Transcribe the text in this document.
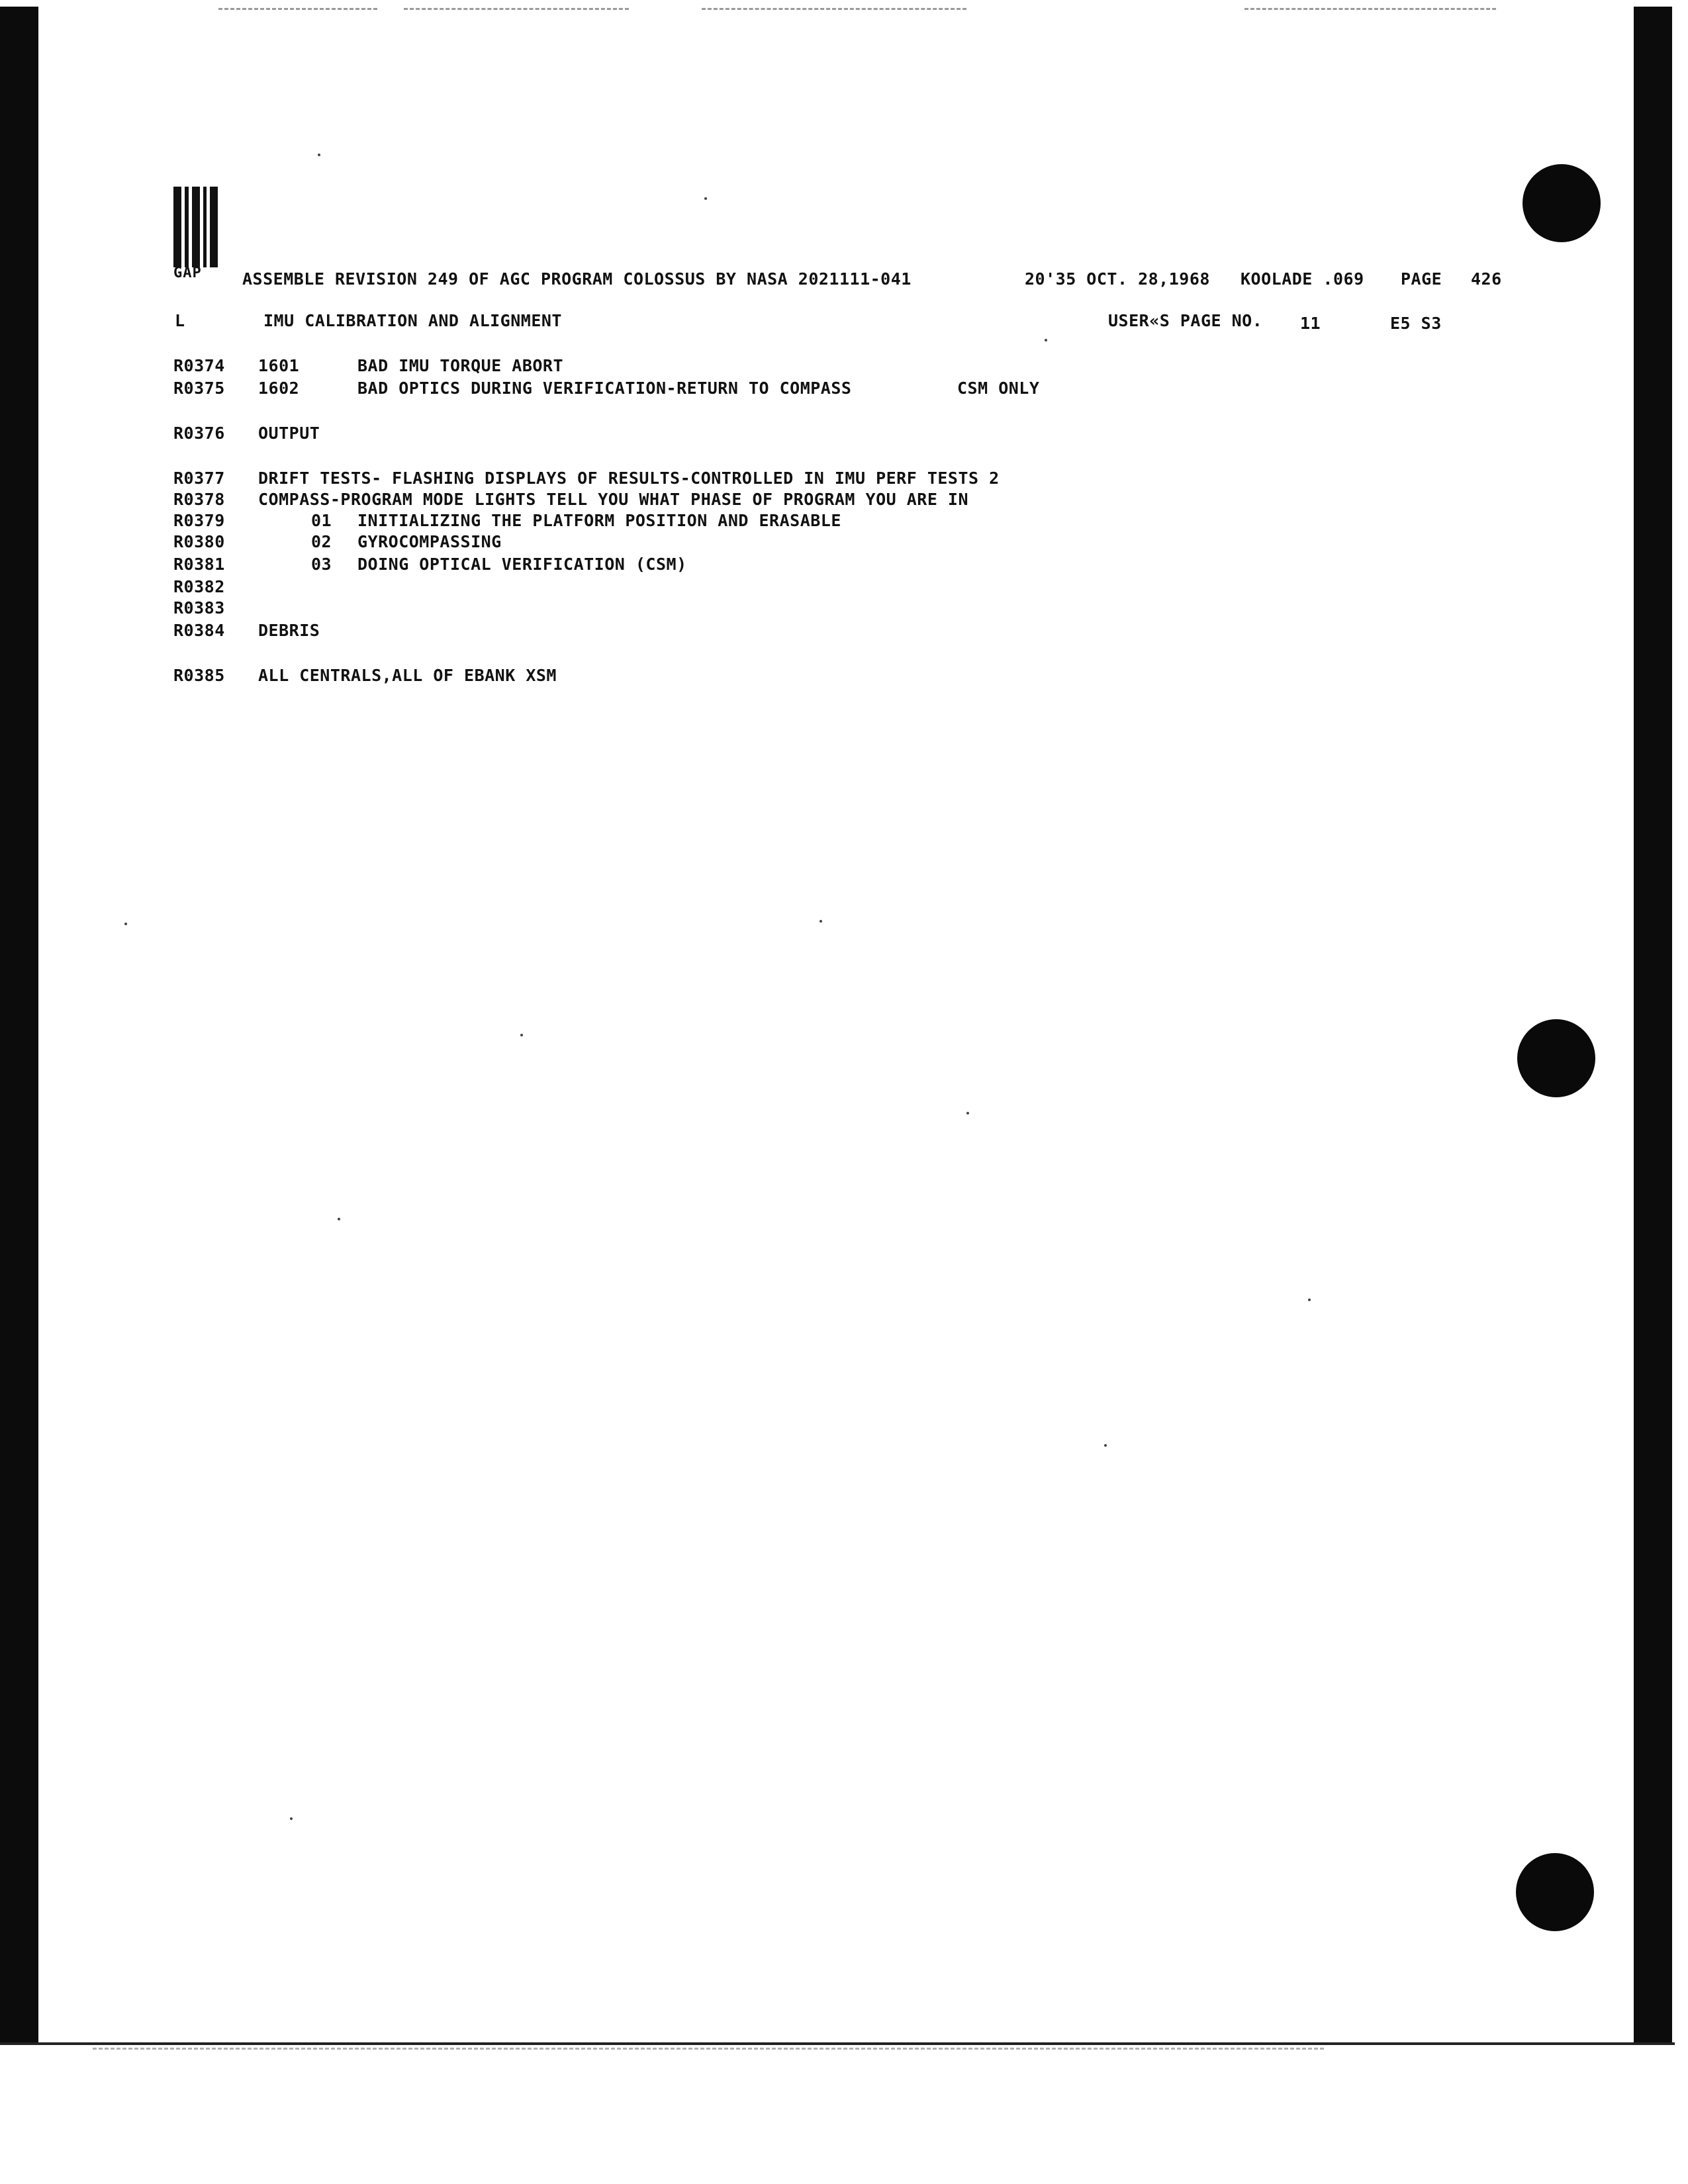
GAP ASSEMBLE REVISION 249 OF AGC PROGRAM COLOSSUS BY NASA 2021111-041	20'35 OCT. 28,1968 KOOLADE .069 PAGE 426
L	IMU CALIBRATION AND ALIGNMENT	USER«S PAGE NO. 11	E5 S3
R0374 1601	BAD IMU TORQUE ABORT
R0375 1602	BAD OPTICS DURING VERIFICATION-RETURN TO COMPASS	CSM ONLY
R0376 OUTPUT
R0377 DRIFT TESTS- FLASHING DISPLAYS OF RESULTS-CONTROLLED IN IMU PERF TESTS 2
R0378 COMPASS-PROGRAM MODE LIGHTS TELL YOU WHAT PHASE OF PROGRAM YOU ARE IN
R0379	01 INITIALIZING THE PLATFORM POSITION AND ERASABLE
R0380	02 GYROCOMPASSING
R0381	03 DOING OPTICAL VERIFICATION (CSM)
R0382
R0383
R0384 DEBRIS
R0385 ALL CENTRALS,ALL OF EBANK XSM
